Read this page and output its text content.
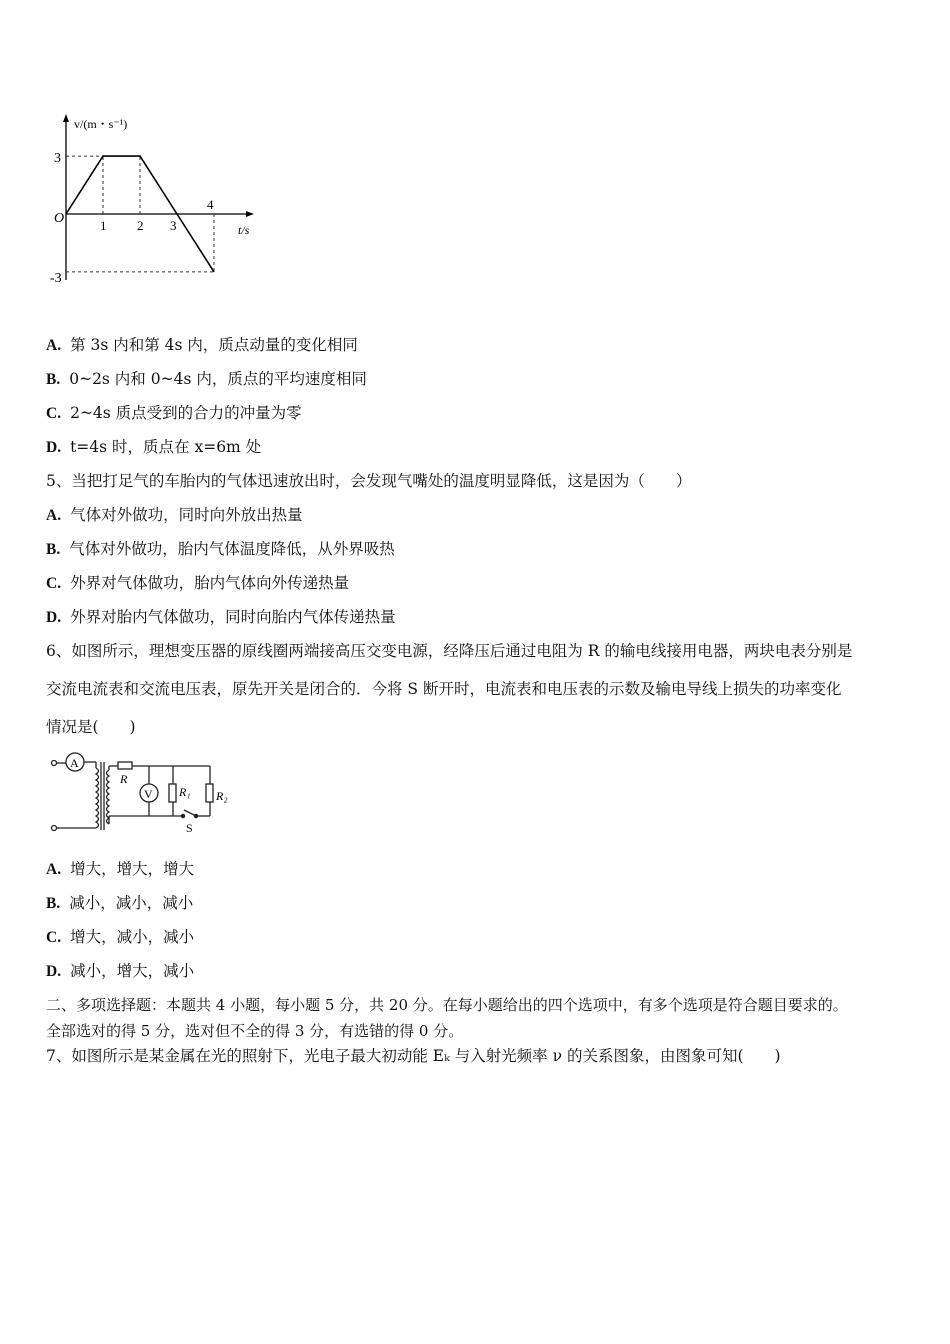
v/(m・s⁻¹)
t/s
O
3
-3
1 2 3
4
A. 第 3s 内和第 4s 内，质点动量的变化相同
B. 0~2s 内和 0~4s 内，质点的平均速度相同
C. 2~4s 质点受到的合力的冲量为零
D. t=4s 时，质点在 x=6m 处
5、当把打足气的车胎内的气体迅速放出时，会发现气嘴处的温度明显降低，这是因为（　　）
A. 气体对外做功，同时向外放出热量
B. 气体对外做功，胎内气体温度降低，从外界吸热
C. 外界对气体做功，胎内气体向外传递热量
D. 外界对胎内气体做功，同时向胎内气体传递热量
6、如图所示，理想变压器的原线圈两端接高压交变电源，经降压后通过电阻为 R 的输电线接用电器，两块电表分别是
交流电流表和交流电压表，原先开关是闭合的．今将 S 断开时，电流表和电压表的示数及输电导线上损失的功率变化
情况是(　　)
A
V
R
R₁ R₂
S
A. 增大，增大，增大
B. 减小，减小，减小
C. 增大，减小，减小
D. 减小，增大，减小
二、多项选择题：本题共 4 小题，每小题 5 分，共 20 分。在每小题给出的四个选项中，有多个选项是符合题目要求的。
全部选对的得 5 分，选对但不全的得 3 分，有选错的得 0 分。
7、如图所示是某金属在光的照射下，光电子最大初动能 Eₖ 与入射光频率 ν 的关系图象，由图象可知(　　)
